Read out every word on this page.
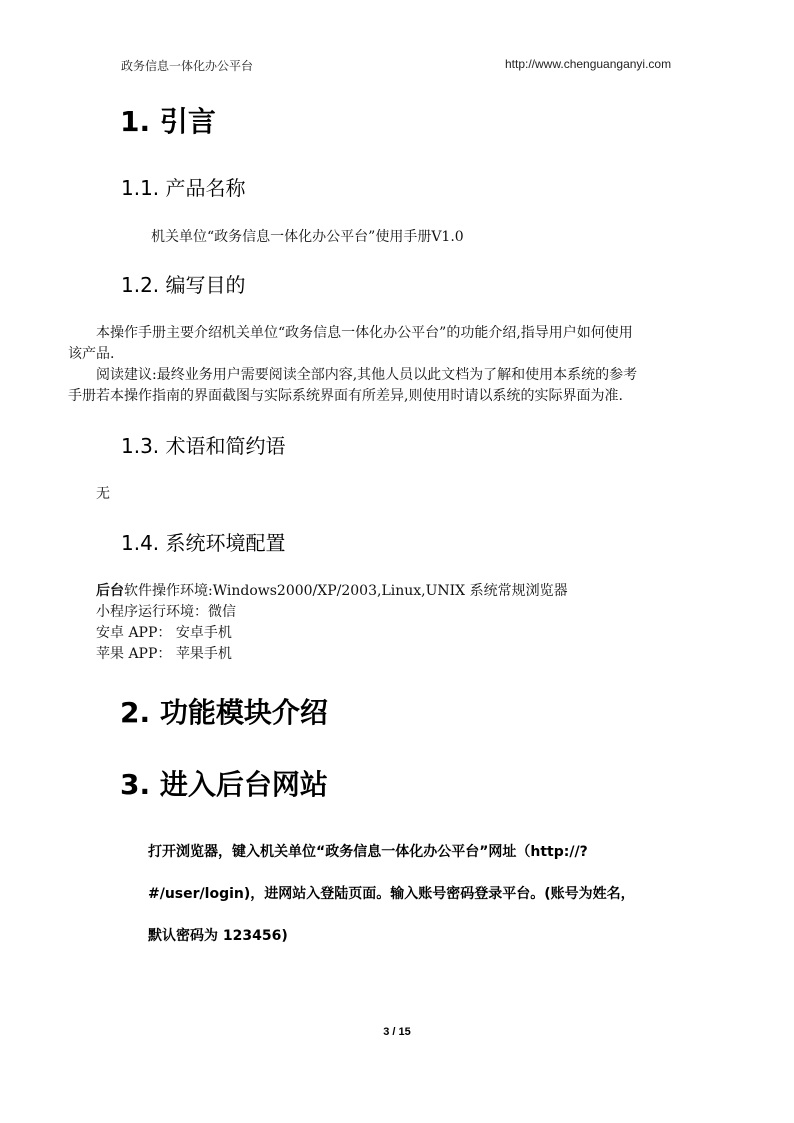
政务信息一体化办公平台	http://www.chenguanganyi.com
1. 引言
1.1. 产品名称
机关单位“政务信息一体化办公平台”使用手册V1.0
1.2. 编写目的
本操作手册主要介绍机关单位“政务信息一体化办公平台”的功能介绍,指导用户如何使用
该产品.
阅读建议:最终业务用户需要阅读全部内容,其他人员以此文档为了解和使用本系统的参考
手册若本操作指南的界面截图与实际系统界面有所差异,则使用时请以系统的实际界面为准.
1.3. 术语和简约语
无
1.4. 系统环境配置
后台软件操作环境:Windows2000/XP/2003,Linux,UNIX 系统常规浏览器
小程序运行环境：微信
安卓 APP： 安卓手机
苹果 APP： 苹果手机
2. 功能模块介绍
3. 进入后台网站
打开浏览器，键入机关单位“政务信息一体化办公平台”网址（http://?
#/user/login)，进网站入登陆页面。输入账号密码登录平台。(账号为姓名，
默认密码为 123456)
3 / 15
